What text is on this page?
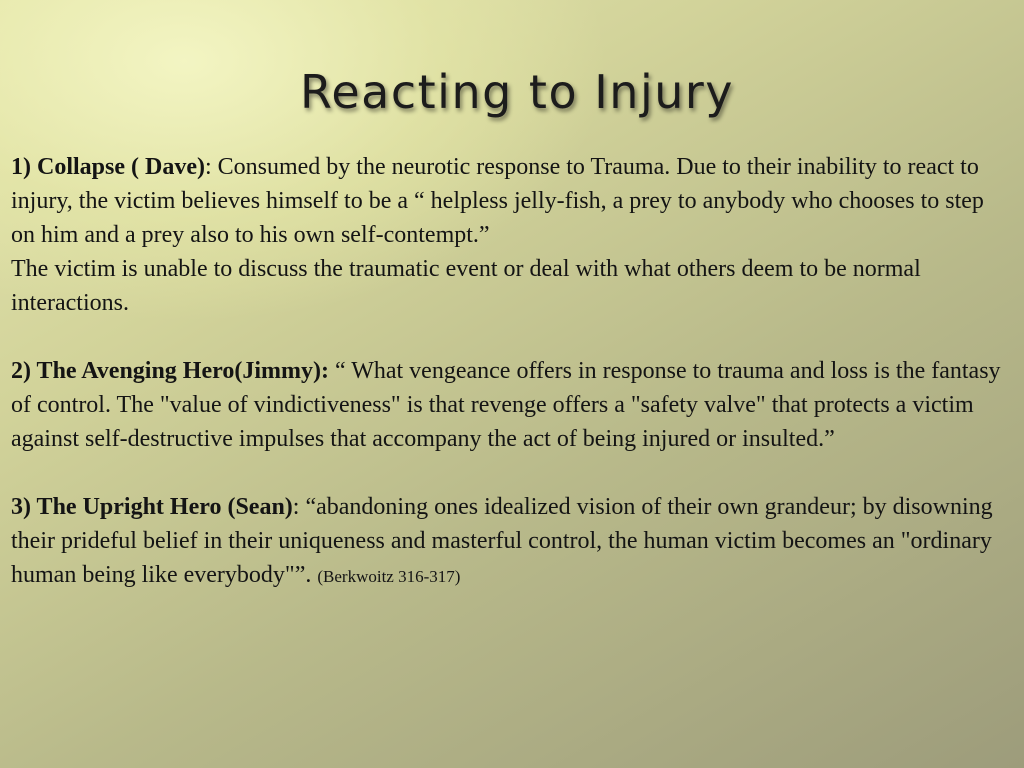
Reacting to Injury

1) Collapse ( Dave): Consumed by the neurotic response to Trauma. Due to their inability to react to injury, the victim believes himself to be a “ helpless jelly-fish, a prey to anybody who chooses to step on him and a prey also to his own self-contempt.”

The victim is unable to discuss the traumatic event or deal with what others deem to be normal interactions.

2) The Avenging Hero(Jimmy): “ What vengeance offers in response to trauma and loss is the fantasy of control. The "value of vindictiveness" is that revenge offers a "safety valve" that protects a victim against self-destructive impulses that accompany the act of being injured or insulted.”

3) The Upright Hero (Sean): “abandoning ones idealized vision of their own grandeur; by disowning their prideful belief in their uniqueness and masterful control, the human victim becomes an "ordinary human being like everybody"”. (Berkwoitz 316-317)
